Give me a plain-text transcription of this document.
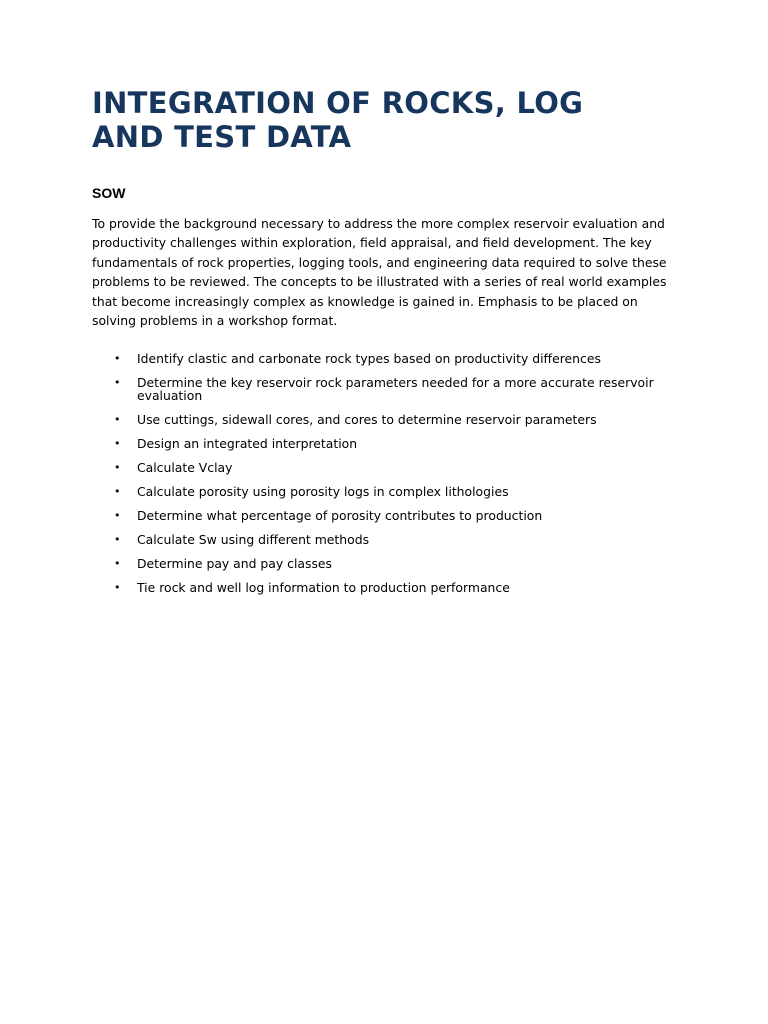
INTEGRATION OF ROCKS, LOG AND TEST DATA
SOW

To provide the background necessary to address the more complex reservoir evaluation and productivity challenges within exploration, field appraisal, and field development. The key fundamentals of rock properties, logging tools, and engineering data required to solve these problems to be reviewed. The concepts to be illustrated with a series of real world examples that become increasingly complex as knowledge is gained in. Emphasis to be placed on solving problems in a workshop format.

• Identify clastic and carbonate rock types based on productivity differences
• Determine the key reservoir rock parameters needed for a more accurate reservoir evaluation
• Use cuttings, sidewall cores, and cores to determine reservoir parameters
• Design an integrated interpretation
• Calculate Vclay
• Calculate porosity using porosity logs in complex lithologies
• Determine what percentage of porosity contributes to production
• Calculate Sw using different methods
• Determine pay and pay classes
• Tie rock and well log information to production performance
